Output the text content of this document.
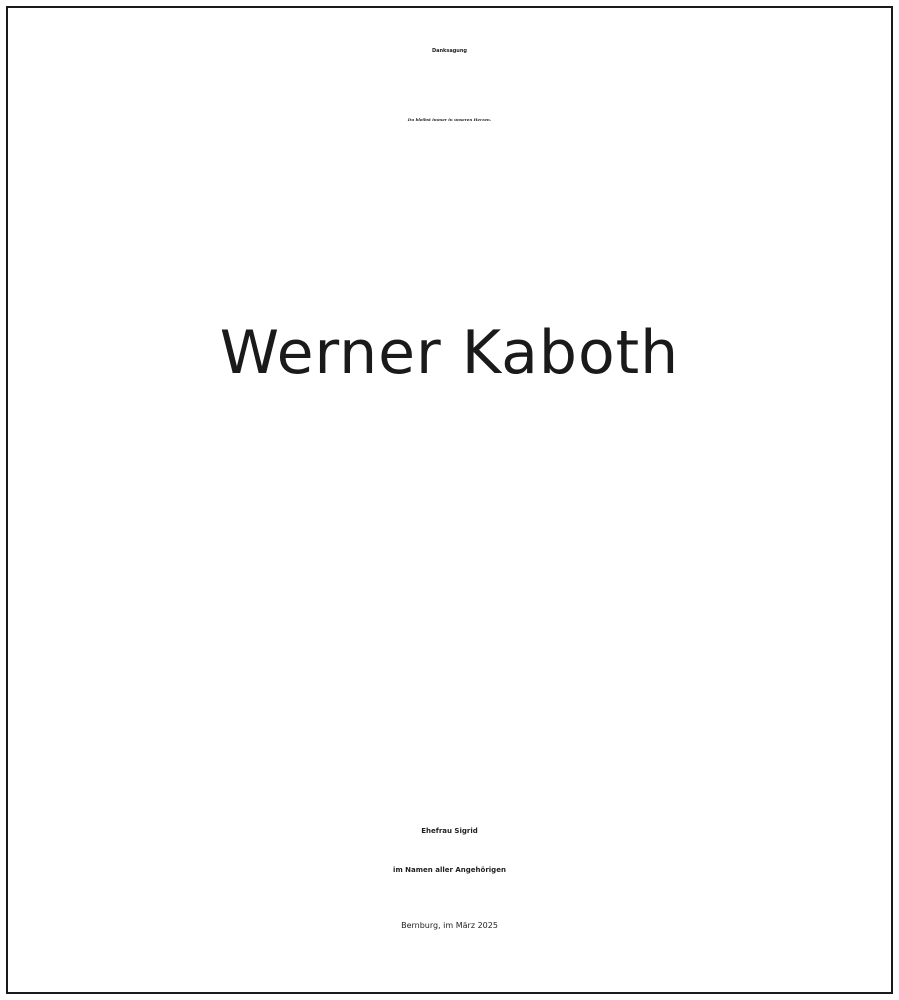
Danksagung
Du bleibst immer in unseren Herzen.
Werner Kaboth
Ehefrau Sigrid
im Namen aller Angehörigen
Bernburg, im März 2025
